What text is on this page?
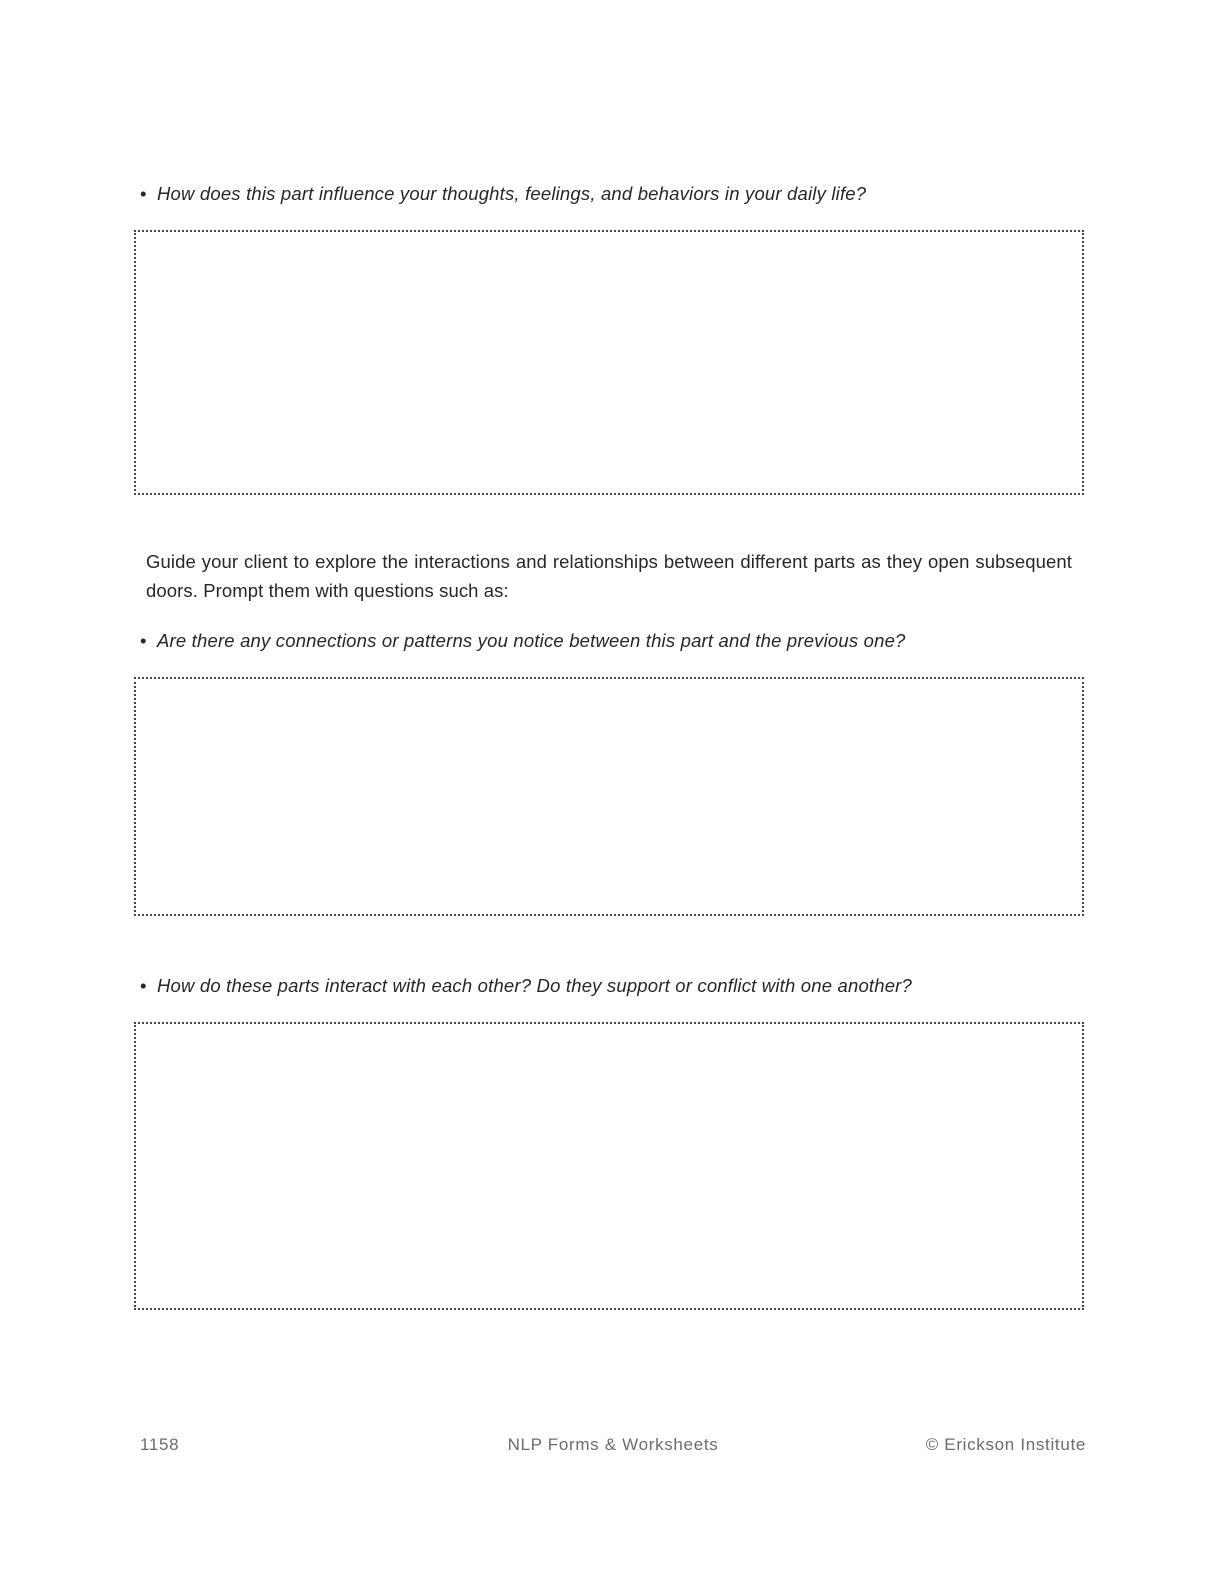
• How does this part influence your thoughts, feelings, and behaviors in your daily life?
Guide your client to explore the interactions and relationships between different parts as they open subsequent doors. Prompt them with questions such as:
• Are there any connections or patterns you notice between this part and the previous one?
• How do these parts interact with each other? Do they support or conflict with one another?
1158	NLP Forms & Worksheets	© Erickson Institute
